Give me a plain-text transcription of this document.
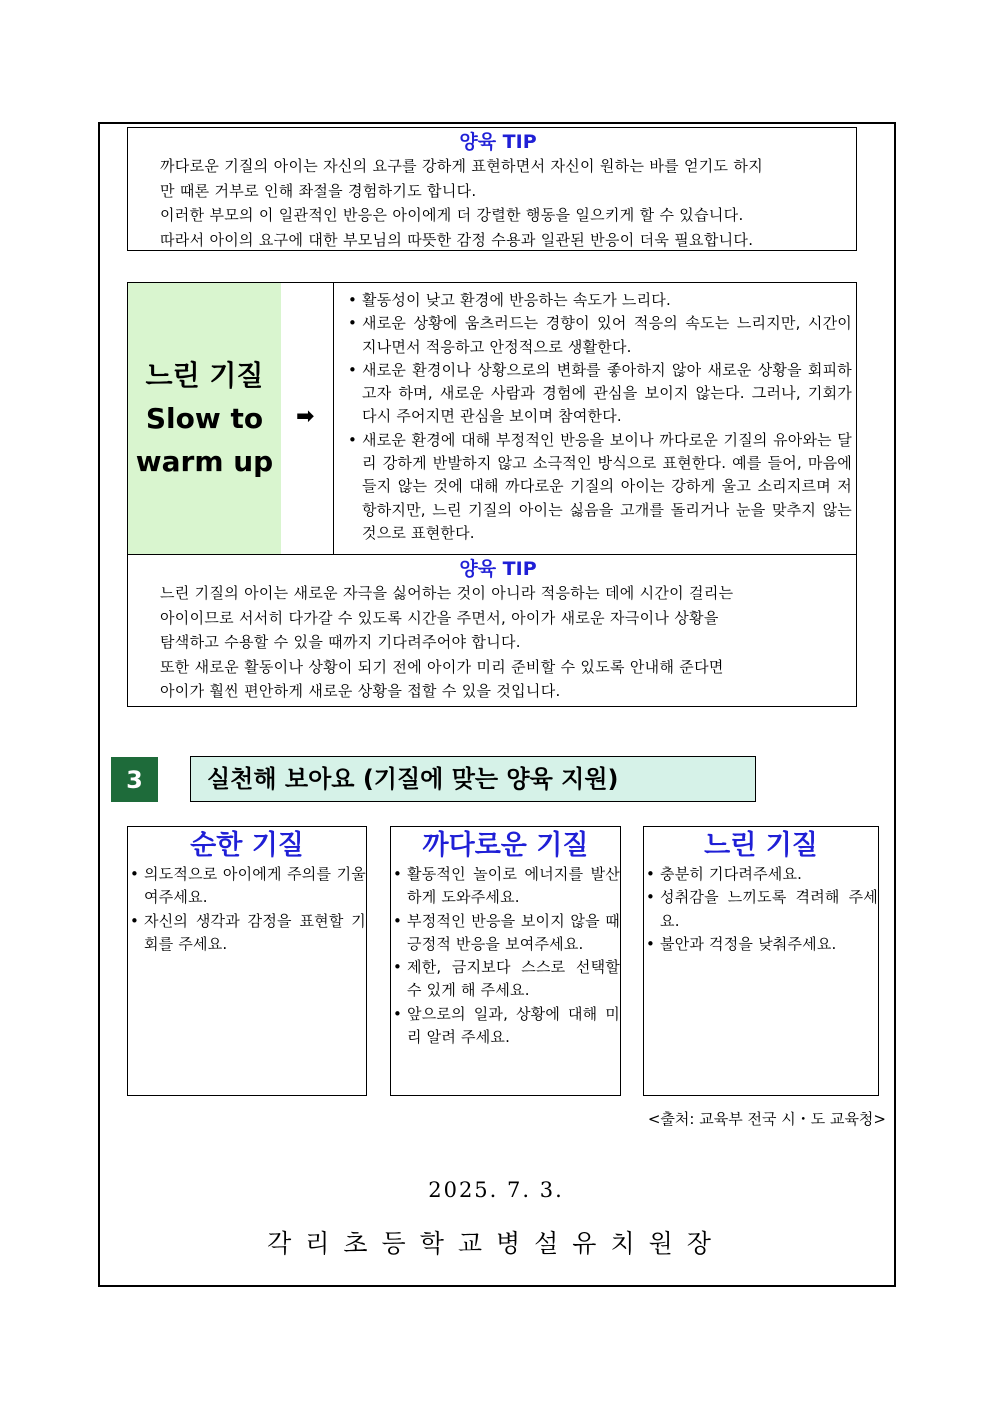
양육 TIP

까다로운 기질의 아이는 자신의 요구를 강하게 표현하면서 자신이 원하는 바를 얻기도 하지

만 때론 거부로 인해 좌절을 경험하기도 합니다.

이러한 부모의 이 일관적인 반응은 아이에게 더 강렬한 행동을 일으키게 할 수 있습니다.

따라서 아이의 요구에 대한 부모님의 따뜻한 감정 수용과 일관된 반응이 더욱 필요합니다.

느린 기질
Slow to
warm up
➡
• 활동성이 낮고 환경에 반응하는 속도가 느리다.
• 새로운 상황에 움츠러드는 경향이 있어 적응의 속도는 느리지만, 시간이 지나면서 적응하고 안정적으로 생활한다.
• 새로운 환경이나 상황으로의 변화를 좋아하지 않아 새로운 상황을 회피하고자 하며, 새로운 사람과 경험에 관심을 보이지 않는다. 그러나, 기회가 다시 주어지면 관심을 보이며 참여한다.
• 새로운 환경에 대해 부정적인 반응을 보이나 까다로운 기질의 유아와는 달리 강하게 반발하지 않고 소극적인 방식으로 표현한다. 예를 들어, 마음에 들지 않는 것에 대해 까다로운 기질의 아이는 강하게 울고 소리지르며 저항하지만, 느린 기질의 아이는 싫음을 고개를 돌리거나 눈을 맞추지 않는 것으로 표현한다.
양육 TIP

느린 기질의 아이는 새로운 자극을 싫어하는 것이 아니라 적응하는 데에 시간이 걸리는

아이이므로 서서히 다가갈 수 있도록 시간을 주면서, 아이가 새로운 자극이나 상황을

탐색하고 수용할 수 있을 때까지 기다려주어야 합니다.

또한 새로운 활동이나 상황이 되기 전에 아이가 미리 준비할 수 있도록 안내해 준다면

아이가 훨씬 편안하게 새로운 상황을 접할 수 있을 것입니다.

3	실천해 보아요 (기질에 맞는 양육 지원)
순한 기질
• 의도적으로 아이에게 주의를 기울여주세요.
• 자신의 생각과 감정을 표현할 기회를 주세요.
까다로운 기질
• 활동적인 놀이로 에너지를 발산하게 도와주세요.
• 부정적인 반응을 보이지 않을 때 긍정적 반응을 보여주세요.
• 제한, 금지보다 스스로 선택할 수 있게 해 주세요.
• 앞으로의 일과, 상황에 대해 미리 알려 주세요.
느린 기질
• 충분히 기다려주세요.
• 성취감을 느끼도록 격려해 주세요.
• 불안과 걱정을 낮춰주세요.
<출처: 교육부 전국 시・도 교육청>
2025. 7. 3.
각리초등학교병설유치원장
